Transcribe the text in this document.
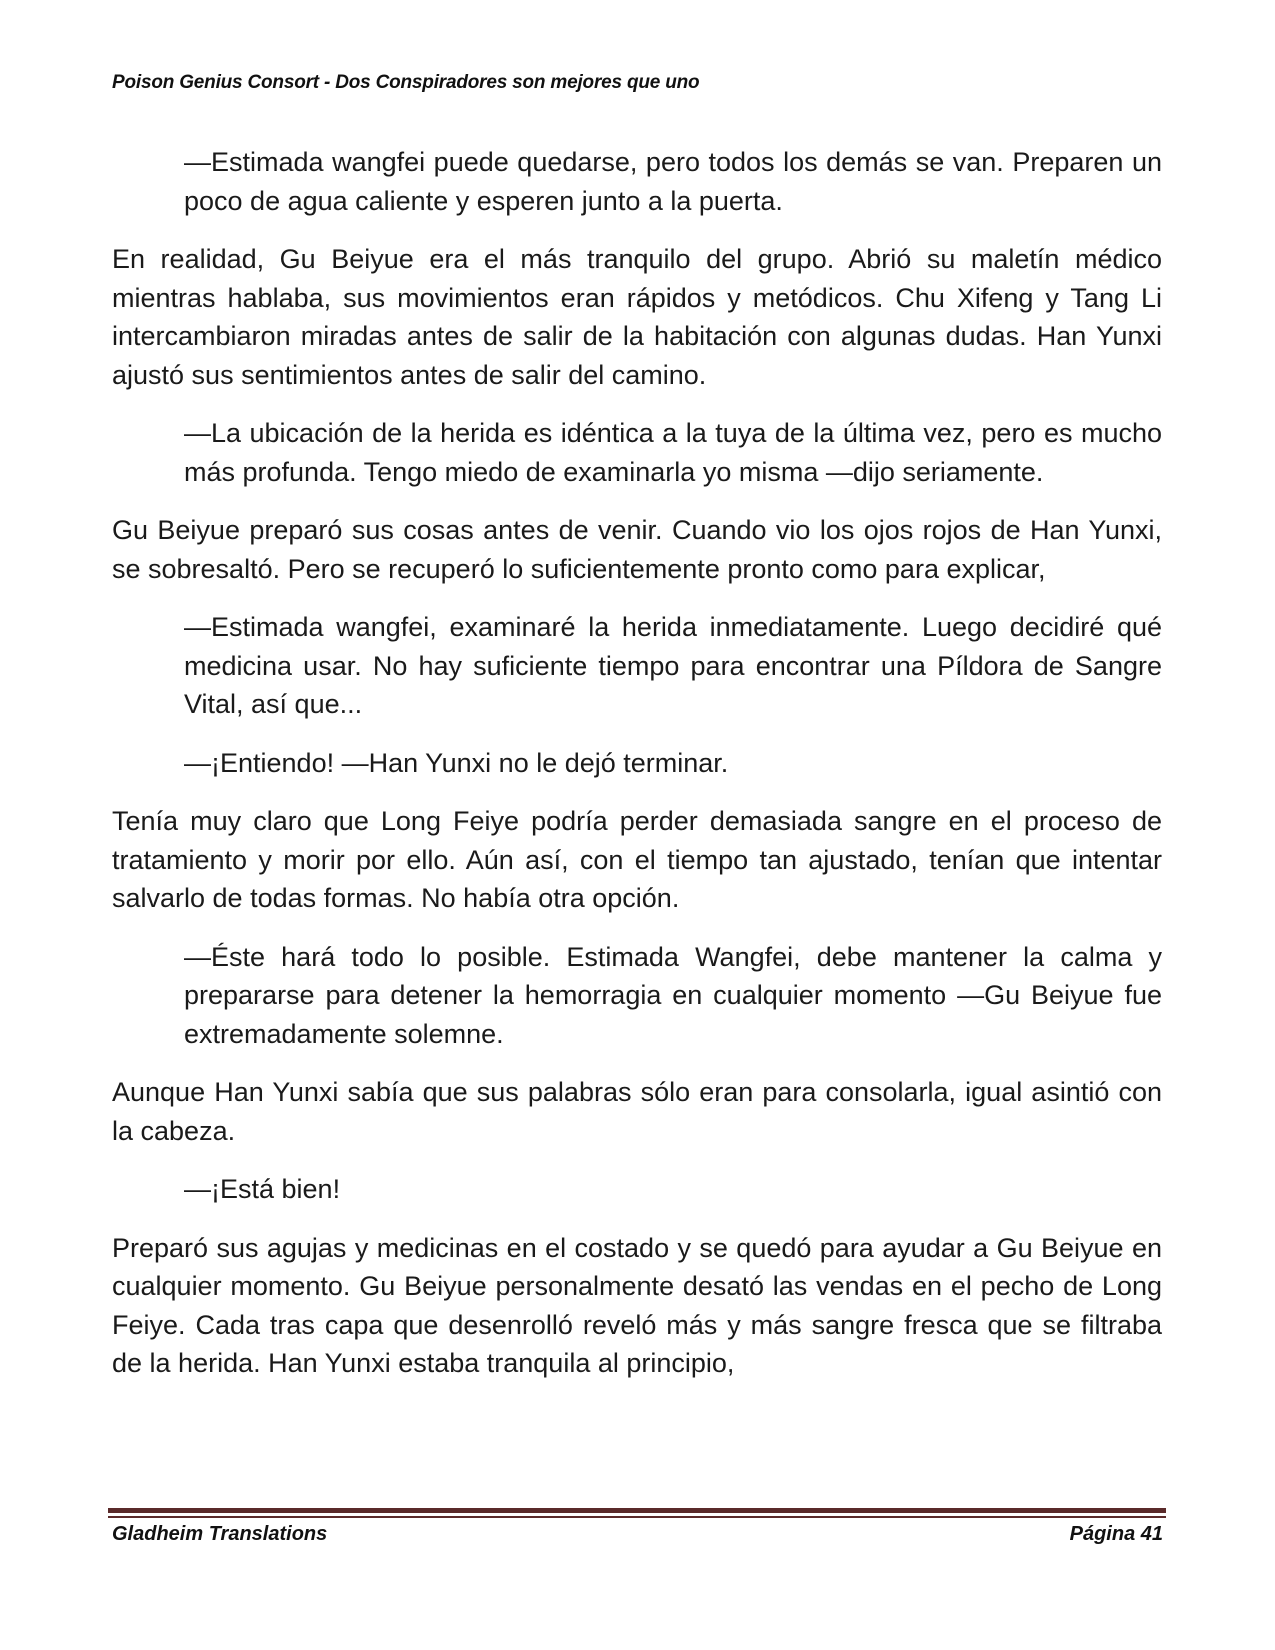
Poison Genius Consort - Dos Conspiradores son mejores que uno

—Estimada wangfei puede quedarse, pero todos los demás se van. Preparen un poco de agua caliente y esperen junto a la puerta.

En realidad, Gu Beiyue era el más tranquilo del grupo. Abrió su maletín médico mientras hablaba, sus movimientos eran rápidos y metódicos. Chu Xifeng y Tang Li intercambiaron miradas antes de salir de la habitación con algunas dudas. Han Yunxi ajustó sus sentimientos antes de salir del camino.

—La ubicación de la herida es idéntica a la tuya de la última vez, pero es mucho más profunda. Tengo miedo de examinarla yo misma —dijo seriamente.

Gu Beiyue preparó sus cosas antes de venir. Cuando vio los ojos rojos de Han Yunxi, se sobresaltó. Pero se recuperó lo suficientemente pronto como para explicar,

—Estimada wangfei, examinaré la herida inmediatamente. Luego decidiré qué medicina usar. No hay suficiente tiempo para encontrar una Píldora de Sangre Vital, así que...

—¡Entiendo! —Han Yunxi no le dejó terminar.

Tenía muy claro que Long Feiye podría perder demasiada sangre en el proceso de tratamiento y morir por ello. Aún así, con el tiempo tan ajustado, tenían que intentar salvarlo de todas formas. No había otra opción.

—Éste hará todo lo posible. Estimada Wangfei, debe mantener la calma y prepararse para detener la hemorragia en cualquier momento —Gu Beiyue fue extremadamente solemne.

Aunque Han Yunxi sabía que sus palabras sólo eran para consolarla, igual asintió con la cabeza.

—¡Está bien!

Preparó sus agujas y medicinas en el costado y se quedó para ayudar a Gu Beiyue en cualquier momento. Gu Beiyue personalmente desató las vendas en el pecho de Long Feiye. Cada tras capa que desenrolló reveló más y más sangre fresca que se filtraba de la herida. Han Yunxi estaba tranquila al principio,

Gladheim Translations	Página 41
